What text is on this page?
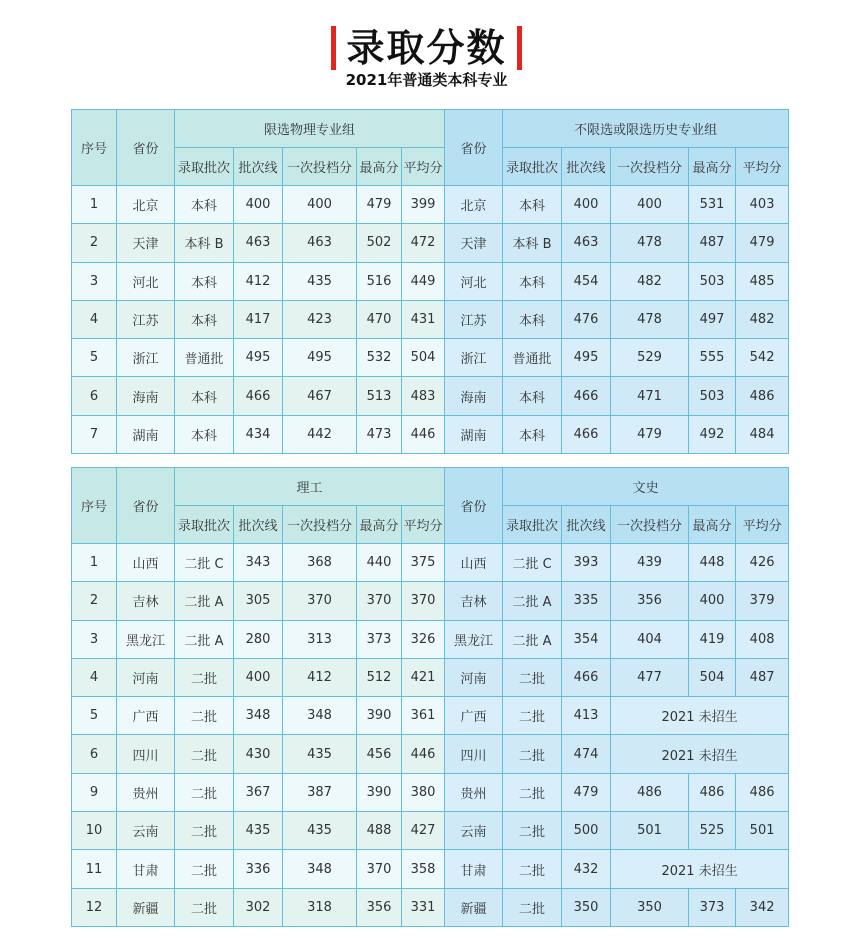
录取分数
2021年普通类本科专业
序号	省份	限选物理专业组					省份	不限选或限选历史专业组				
		录取批次	批次线	一次投档分	最高分	平均分		录取批次	批次线	一次投档分	最高分	平均分
1	北京	本科	400	400	479	399	北京	本科	400	400	531	403
2	天津	本科 B	463	463	502	472	天津	本科 B	463	478	487	479
3	河北	本科	412	435	516	449	河北	本科	454	482	503	485
4	江苏	本科	417	423	470	431	江苏	本科	476	478	497	482
5	浙江	普通批	495	495	532	504	浙江	普通批	495	529	555	542
6	海南	本科	466	467	513	483	海南	本科	466	471	503	486
7	湖南	本科	434	442	473	446	湖南	本科	466	479	492	484
序号	省份	理工					省份	文史				
		录取批次	批次线	一次投档分	最高分	平均分		录取批次	批次线	一次投档分	最高分	平均分
1	山西	二批 C	343	368	440	375	山西	二批 C	393	439	448	426
2	吉林	二批 A	305	370	370	370	吉林	二批 A	335	356	400	379
3	黑龙江	二批 A	280	313	373	326	黑龙江	二批 A	354	404	419	408
4	河南	二批	400	412	512	421	河南	二批	466	477	504	487
5	广西	二批	348	348	390	361	广西	二批	413	2021 未招生		
6	四川	二批	430	435	456	446	四川	二批	474	2021 未招生		
9	贵州	二批	367	387	390	380	贵州	二批	479	486	486	486
10	云南	二批	435	435	488	427	云南	二批	500	501	525	501
11	甘肃	二批	336	348	370	358	甘肃	二批	432	2021 未招生		
12	新疆	二批	302	318	356	331	新疆	二批	350	350	373	342
